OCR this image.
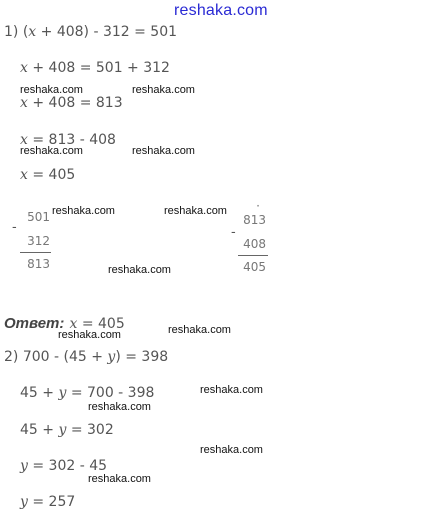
reshaka.com
1) (x + 408) - 312 = 501
x + 408 = 501 + 312
reshaka.com	reshaka.com
x + 408 = 813
x = 813 - 408
reshaka.com	reshaka.com
x = 405
-
501
312
813
reshaka.com	reshaka.com
reshaka.com
·
-
813
408
405
Ответ: x = 405
reshaka.com	reshaka.com
2) 700 - (45 + y) = 398
45 + y = 700 - 398	reshaka.com
reshaka.com
45 + y = 302
reshaka.com
y = 302 - 45
reshaka.com
y = 257
